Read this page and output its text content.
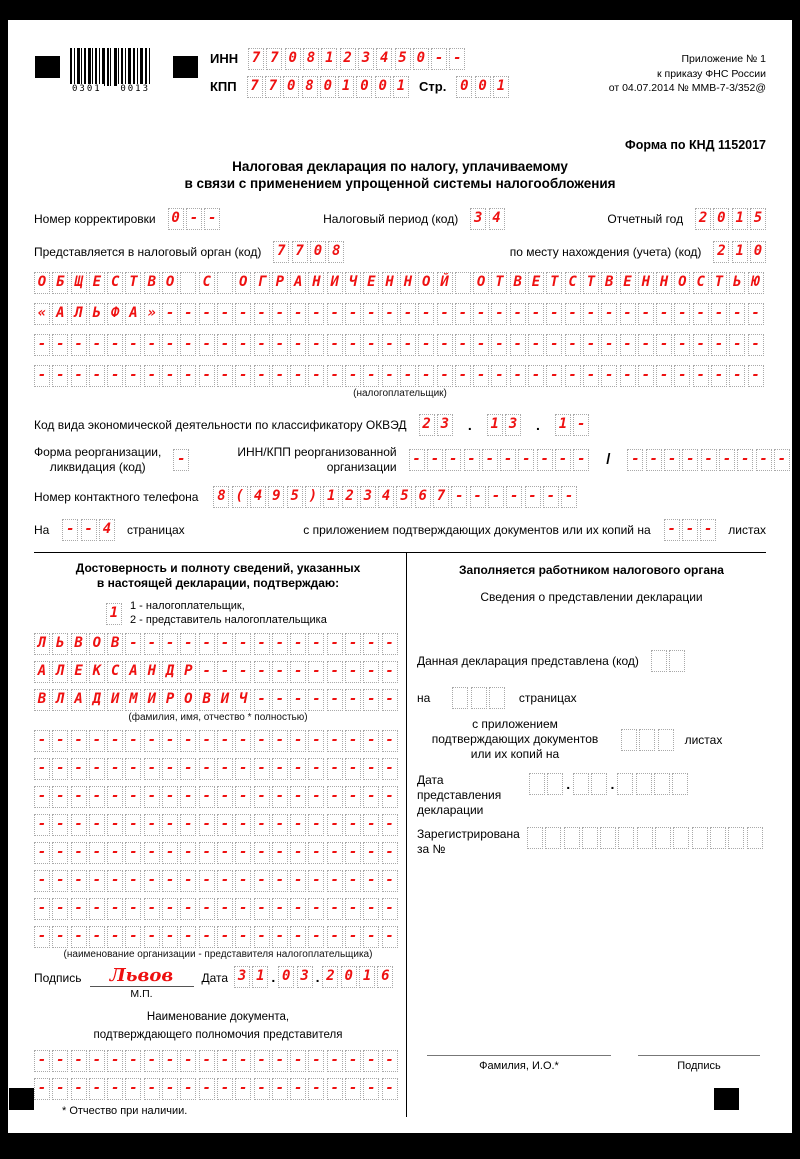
0301 0013
ИНН 7 7 0 8 1 2 3 4 5 0 - -
КПП 7 7 0 8 0 1 0 0 1 Стр. 0 0 1
Приложение № 1
к приказу ФНС России
от 04.07.2014 № ММВ-7-3/352@
Форма по КНД 1152017
Налоговая декларация по налогу, уплачиваемому
в связи с применением упрощенной системы налогообложения
Номер корректировки 0 - -	Налоговый период (код) 3 4	Отчетный год 2 0 1 5
Представляется в налоговый орган (код) 7 7 0 8	по месту нахождения (учета) (код) 2 1 0
О Б Щ Е С Т В О С О Г Р А Н И Ч Е Н Н О Й О Т В Е Т С Т В Е Н Н О С Т Ь Ю
« А Л Ь Ф А » - - - - - - - - - - - - - - - - - - - - - - - - - - - - - - - - -
- - - - - - - - - - - - - - - - - - - - - - - - - - - - - - - - - - - - - - - -
- - - - - - - - - - - - - - - - - - - - - - - - - - - - - - - - - - - - - - - -
(налогоплательщик)
Код вида экономической деятельности по классификатору ОКВЭД 2 3 . 1 3 . 1 -
Форма реорганизации,
ликвидация (код)	-	ИНН/КПП реорганизованной
организации - - - - - - - - - - / - - - - - - - - -
Номер контактного телефона 8 ( 4 9 5 ) 1 2 3 4 5 6 7 - - - - - - -
На - - 4	страницах	с приложением подтверждающих документов или их копий на - - -	листах
Достоверность и полноту сведений, указанных
в настоящей декларации, подтверждаю:
1	1 - налогоплательщик,
2 - представитель налогоплательщика
Л Ь В О В - - - - - - - - - - - - - - -
А Л Е К С А Н Д Р - - - - - - - - - - -
В Л А Д И М И Р О В И Ч - - - - - - - -
(фамилия, имя, отчество * полностью)
- - - - - - - - - - - - - - - - - - - -
- - - - - - - - - - - - - - - - - - - -
- - - - - - - - - - - - - - - - - - - -
- - - - - - - - - - - - - - - - - - - -
- - - - - - - - - - - - - - - - - - - -
- - - - - - - - - - - - - - - - - - - -
- - - - - - - - - - - - - - - - - - - -
- - - - - - - - - - - - - - - - - - - -
(наименование организации - представителя налогоплательщика)
Подпись	Львов
М.П.
Дата 3 1 . 0 3 . 2 0 1 6
Наименование документа,
подтверждающего полномочия представителя
- - - - - - - - - - - - - - - - - - - -
- - - - - - - - - - - - - - - - - - - -
* Отчество при наличии.
Заполняется работником налогового органа
Сведения о представлении декларации
Данная декларация представлена (код)
на	страницах
с приложением
подтверждающих документов
или их копий на
листах
Дата представления
декларации
.	.
Зарегистрирована
за №
Фамилия, И.О.*	Подпись
